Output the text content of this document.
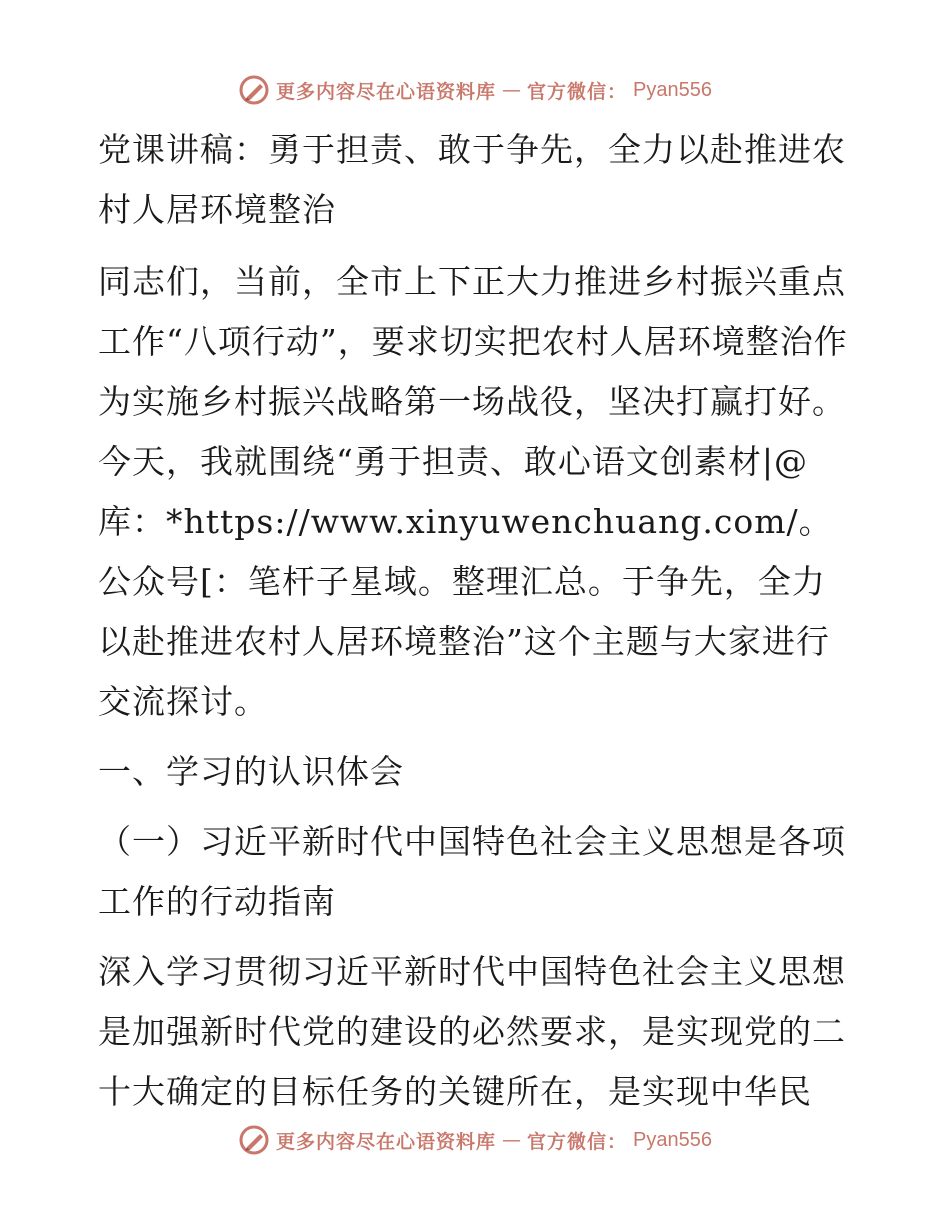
更多内容尽在心语资料库 — 官方微信： Pyan556

党课讲稿：勇于担责、敢于争先，全力以赴推进农村人居环境整治

同志们，当前，全市上下正大力推进乡村振兴重点工作“八项行动”，要求切实把农村人居环境整治作为实施乡村振兴战略第一场战役，坚决打赢打好。今天，我就围绕“勇于担责、敢心语文创素材|@库：*https://www.xinyuwenchuang.com/。公众号[：笔杆子星域。整理汇总。于争先，全力以赴推进农村人居环境整治”这个主题与大家进行交流探讨。

一、学习的认识体会

（一）习近平新时代中国特色社会主义思想是各项工作的行动指南

深入学习贯彻习近平新时代中国特色社会主义思想是加强新时代党的建设的必然要求，是实现党的二十大确定的目标任务的关键所在，是实现中华民

更多内容尽在心语资料库 — 官方微信： Pyan556
